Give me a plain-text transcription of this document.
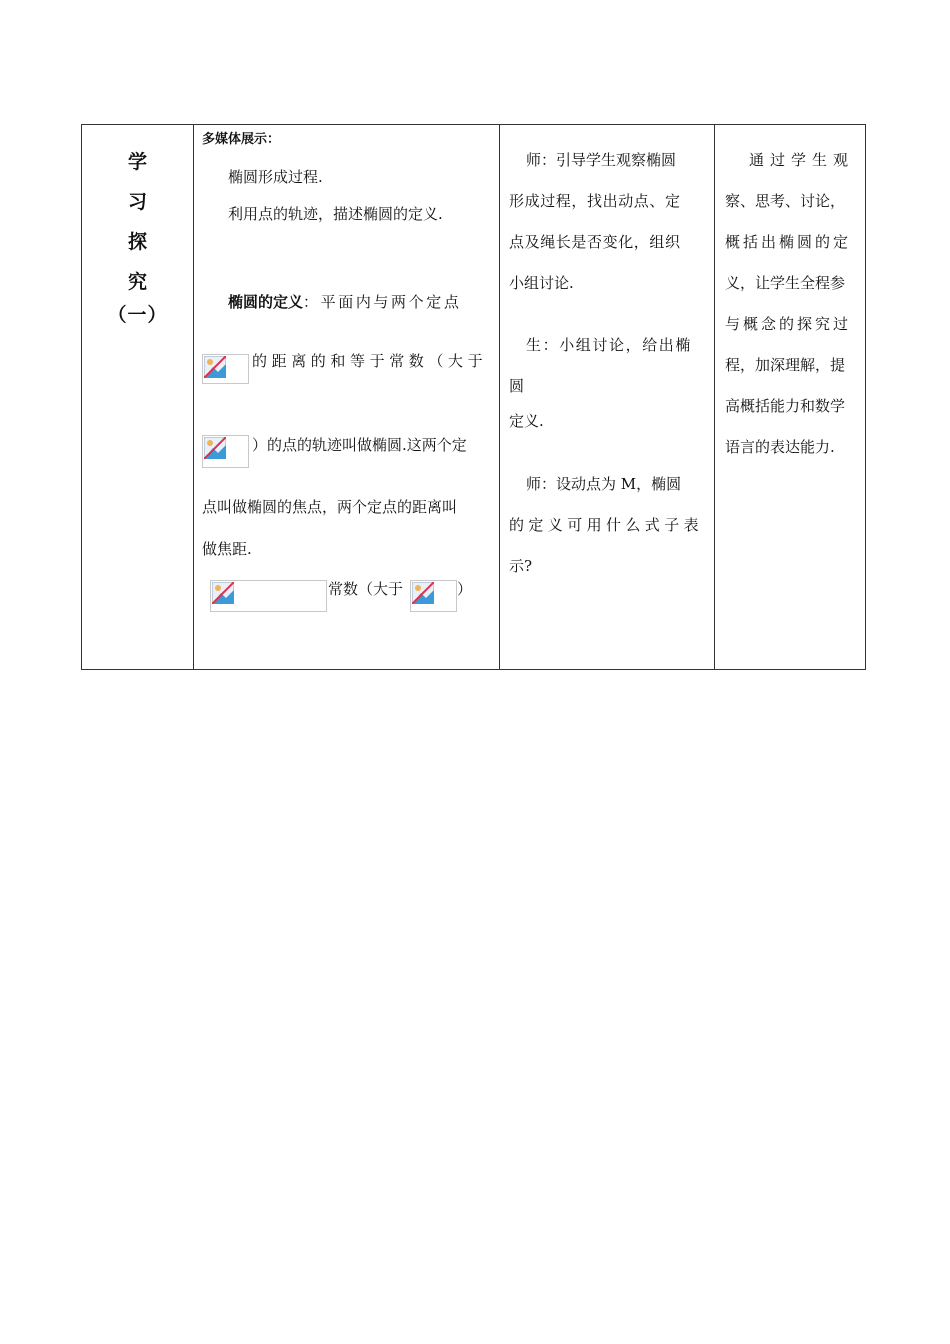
学
习
探
究
（一）
多媒体展示：
椭圆形成过程.
利用点的轨迹，描述椭圆的定义.
椭圆的定义：平面内与两个定点
的距离的和等于常数（大于
）的点的轨迹叫做椭圆.这两个定
点叫做椭圆的焦点，两个定点的距离叫
做焦距.
常数（大于	）
师：引导学生观察椭圆
形成过程，找出动点、定
点及绳长是否变化，组织
小组讨论.
生：小组讨论，给出椭
圆
定义.
师：设动点为 M，椭圆
的定义可用什么式子表
示?
通过学生观
察、思考、讨论，
概括出椭圆的定
义，让学生全程参
与概念的探究过
程，加深理解，提
高概括能力和数学
语言的表达能力.
